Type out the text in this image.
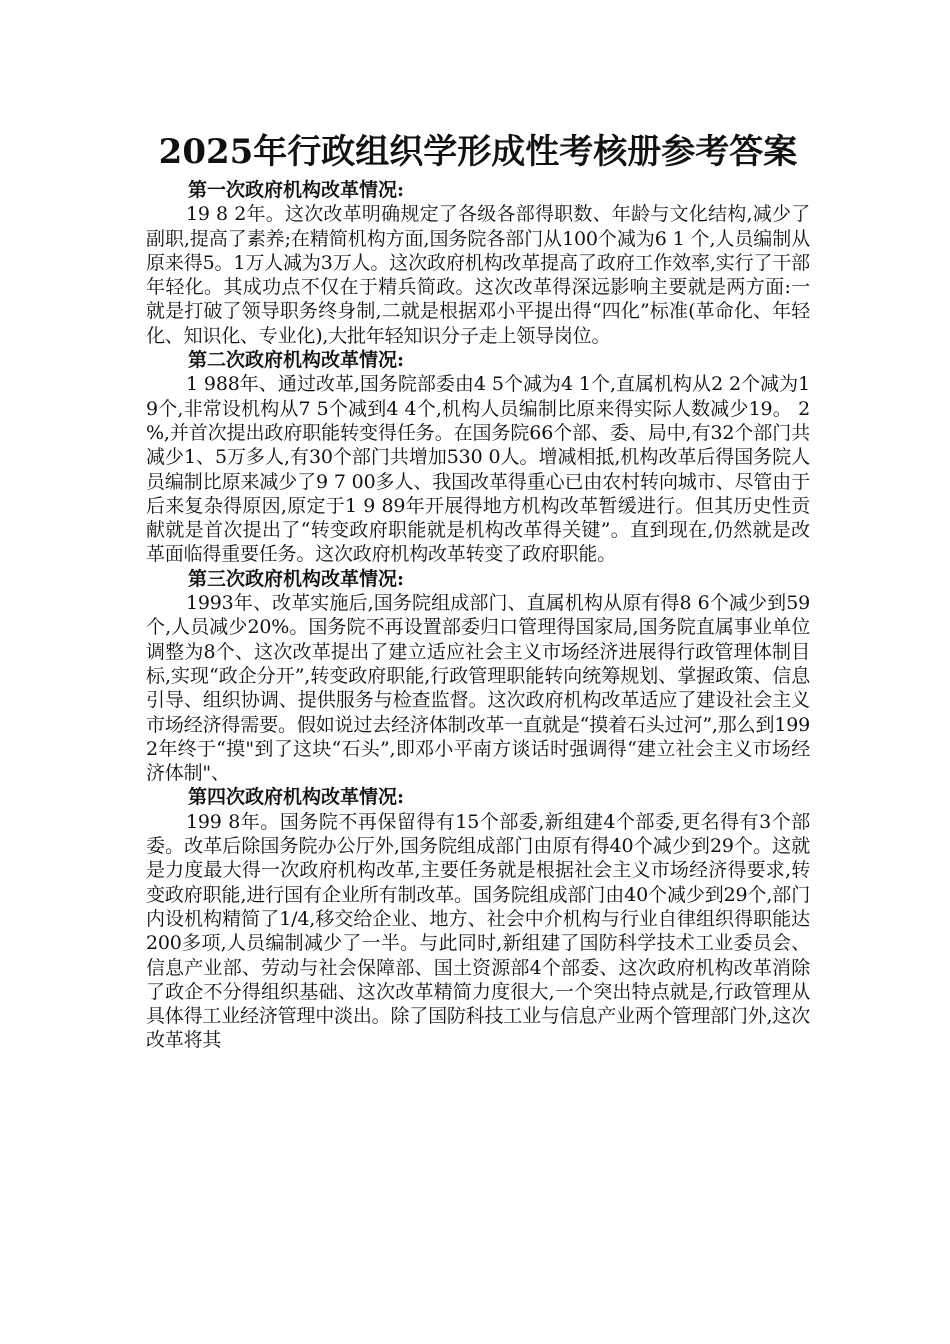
2025年行政组织学形成性考核册参考答案

第一次政府机构改革情况:

19 8 2年。这次改革明确规定了各级各部得职数、年龄与文化结构,减少了副职,提高了素养;在精简机构方面,国务院各部门从100个减为6 1 个,人员编制从原来得5。1万人减为3万人。这次政府机构改革提高了政府工作效率,实行了干部年轻化。其成功点不仅在于精兵简政。这次改革得深远影响主要就是两方面:一就是打破了领导职务终身制,二就是根据邓小平提出得“四化”标准(革命化、年轻化、知识化、专业化),大批年轻知识分子走上领导岗位。

第二次政府机构改革情况:

1 988年、通过改革,国务院部委由4 5个减为4 1个,直属机构从2 2个减为1 9个,非常设机构从7 5个减到4 4个,机构人员编制比原来得实际人数减少19。 2 %,并首次提出政府职能转变得任务。在国务院66个部、委、局中,有32个部门共减少1、5万多人,有30个部门共增加530 0人。增减相抵,机构改革后得国务院人员编制比原来减少了9 7 00多人、我国改革得重心已由农村转向城市、尽管由于后来复杂得原因,原定于1 9 89年开展得地方机构改革暂缓进行。但其历史性贡献就是首次提出了“转变政府职能就是机构改革得关键”。直到现在,仍然就是改革面临得重要任务。这次政府机构改革转变了政府职能。

第三次政府机构改革情况:

1993年、改革实施后,国务院组成部门、直属机构从原有得8 6个减少到59个,人员减少20%。国务院不再设置部委归口管理得国家局,国务院直属事业单位调整为8个、这次改革提出了建立适应社会主义市场经济进展得行政管理体制目标,实现“政企分开”,转变政府职能,行政管理职能转向统筹规划、掌握政策、信息引导、组织协调、提供服务与检查监督。这次政府机构改革适应了建设社会主义市场经济得需要。假如说过去经济体制改革一直就是“摸着石头过河”,那么到1992年终于“摸"到了这块“石头”,即邓小平南方谈话时强调得“建立社会主义市场经济体制"、

第四次政府机构改革情况:

199 8年。国务院不再保留得有15个部委,新组建4个部委,更名得有3个部委。改革后除国务院办公厅外,国务院组成部门由原有得40个减少到29个。这就是力度最大得一次政府机构改革,主要任务就是根据社会主义市场经济得要求,转变政府职能,进行国有企业所有制改革。国务院组成部门由40个减少到29个,部门内设机构精简了1/4,移交给企业、地方、社会中介机构与行业自律组织得职能达200多项,人员编制减少了一半。与此同时,新组建了国防科学技术工业委员会、信息产业部、劳动与社会保障部、国土资源部4个部委、这次政府机构改革消除了政企不分得组织基础、这次改革精简力度很大,一个突出特点就是,行政管理从具体得工业经济管理中淡出。除了国防科技工业与信息产业两个管理部门外,这次改革将其
